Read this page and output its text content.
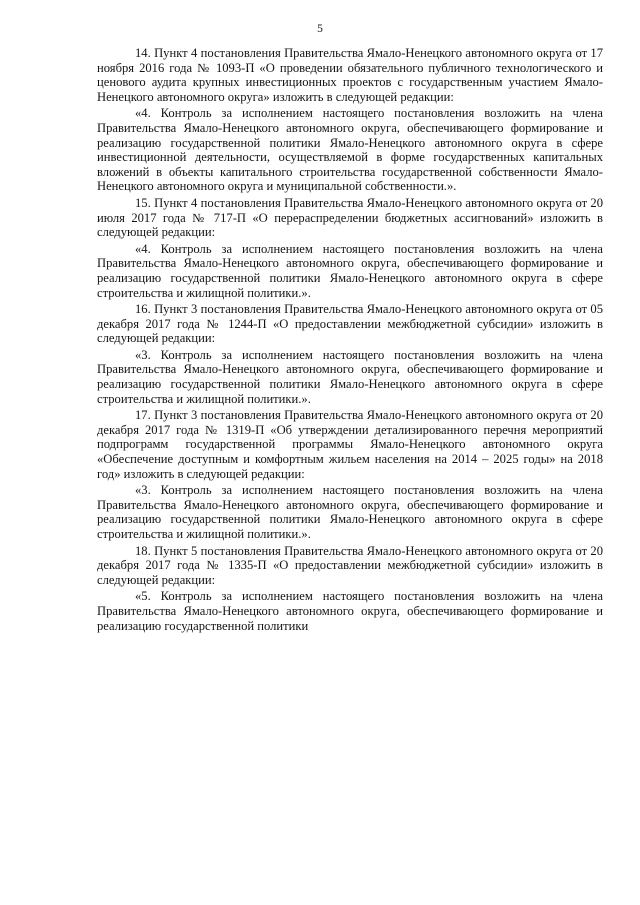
5

14. Пункт 4 постановления Правительства Ямало-Ненецкого автономного округа от 17 ноября 2016 года № 1093-П «О проведении обязательного публичного технологического и ценового аудита крупных инвестиционных проектов с государственным участием Ямало-Ненецкого автономного округа» изложить в следующей редакции:

«4. Контроль за исполнением настоящего постановления возложить на члена Правительства Ямало-Ненецкого автономного округа, обеспечивающего формирование и реализацию государственной политики Ямало-Ненецкого автономного округа в сфере инвестиционной деятельности, осуществляемой в форме государственных капитальных вложений в объекты капитального строительства государственной собственности Ямало-Ненецкого автономного округа и муниципальной собственности.».

15. Пункт 4 постановления Правительства Ямало-Ненецкого автономного округа от 20 июля 2017 года № 717-П «О перераспределении бюджетных ассигнований» изложить в следующей редакции:

«4. Контроль за исполнением настоящего постановления возложить на члена Правительства Ямало-Ненецкого автономного округа, обеспечивающего формирование и реализацию государственной политики Ямало-Ненецкого автономного округа в сфере строительства и жилищной политики.».

16. Пункт 3 постановления Правительства Ямало-Ненецкого автономного округа от 05 декабря 2017 года № 1244-П «О предоставлении межбюджетной субсидии» изложить в следующей редакции:

«3. Контроль за исполнением настоящего постановления возложить на члена Правительства Ямало-Ненецкого автономного округа, обеспечивающего формирование и реализацию государственной политики Ямало-Ненецкого автономного округа в сфере строительства и жилищной политики.».

17. Пункт 3 постановления Правительства Ямало-Ненецкого автономного округа от 20 декабря 2017 года № 1319-П «Об утверждении детализированного перечня мероприятий подпрограмм государственной программы Ямало-Ненецкого автономного округа «Обеспечение доступным и комфортным жильем населения на 2014 – 2025 годы» на 2018 год» изложить в следующей редакции:

«3. Контроль за исполнением настоящего постановления возложить на члена Правительства Ямало-Ненецкого автономного округа, обеспечивающего формирование и реализацию государственной политики Ямало-Ненецкого автономного округа в сфере строительства и жилищной политики.».

18. Пункт 5 постановления Правительства Ямало-Ненецкого автономного округа от 20 декабря 2017 года № 1335-П «О предоставлении межбюджетной субсидии» изложить в следующей редакции:

«5. Контроль за исполнением настоящего постановления возложить на члена Правительства Ямало-Ненецкого автономного округа, обеспечивающего формирование и реализацию государственной политики
